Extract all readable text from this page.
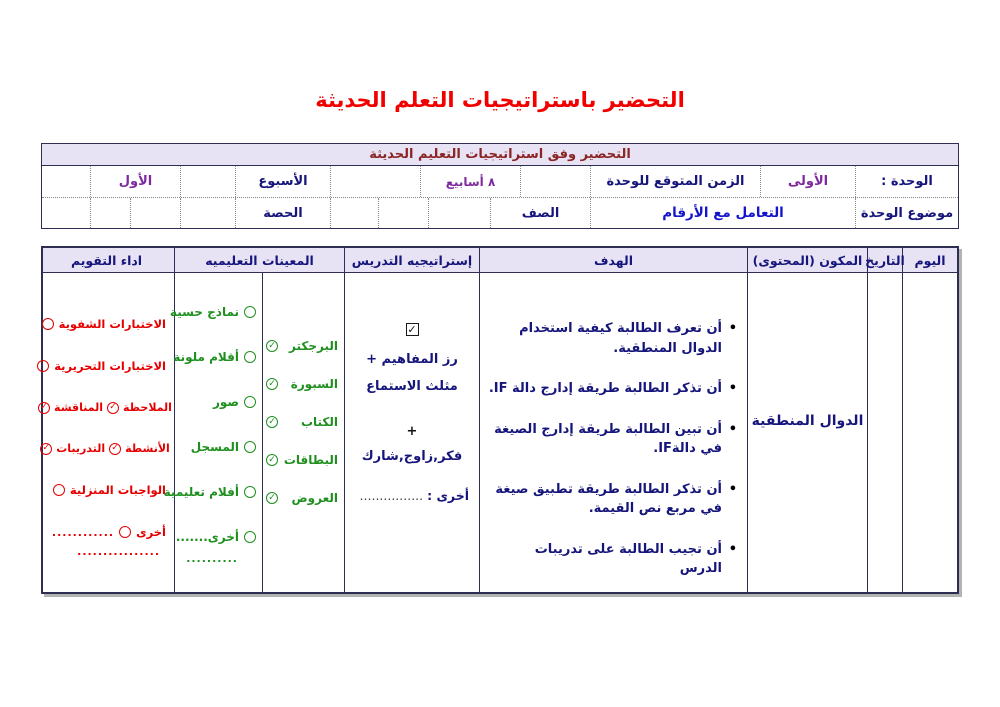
التحضير باستراتيجيات التعلم الحديثة
التحضير وفق استراتيجيات التعليم الحديثة
الوحدة :
الأولى
الزمن المتوقع للوحدة
٨ أسابيع
الأسبوع
الأول
موضوع الوحدة
التعامل مع الأرقام
الصف
الحصة
اليوم
التاريخ
المكون (المحتوى)
الهدف
إستراتيجيه التدريس
المعينات التعليميه
اداء التقويم
الدوال المنطقية
• أن تعرف الطالبة كيفية استخدام الدوال المنطقية.
• أن تذكر الطالبة طريقة إدارج دالة IF.
• أن تبين الطالبة طريقة إدارج الصيغة في دالةIF.
• أن تذكر الطالبة طريقة تطبيق صيغة في مربع نص القيمة.
• أن تجيب الطالبة على تدريبات الدرس
✓
رز المفاهيم +
مثلث الاستماع
+
فكر,زاوج,شارك
أخرى : ................
البرجكتر
✓
السبورة
✓
الكتاب
✓
البطاقات
✓
العروض
✓
نماذج حسية
أقلام ملونة
صور
المسجل
أفلام تعليمية
أخرى.......
..........
الاختبارات الشفوية
الاختبارات التحريرية
الملاحظة
✓
المناقشة
✓
الأنشطة
✓
التدريبات
✓
الواجبات المنزلية
أخرى
............
................
